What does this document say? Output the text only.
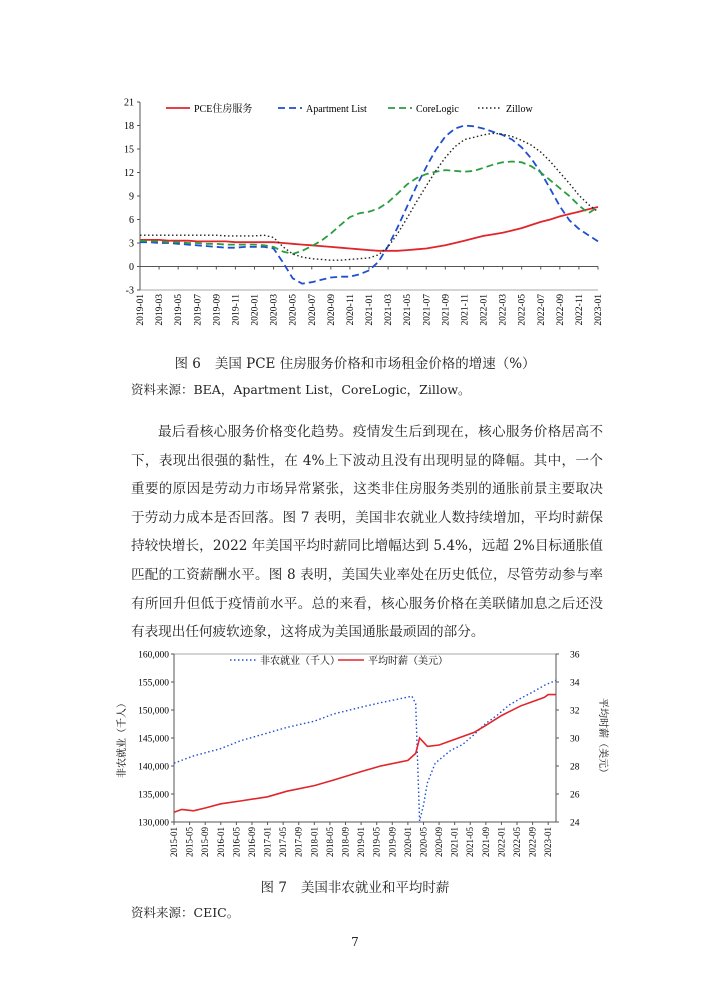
-3
0
3
6
9
12
15
18
21
2019-01 2019-03 2019-05 2019-07 2019-09 2019-11 2020-01 2020-03 2020-05 2020-07 2020-09 2020-11 2021-01 2021-03 2021-05 2021-07 2021-09 2021-11 2022-01 2022-03 2022-05 2022-07 2022-09 2022-11 2023-01
PCE住房服务	Apartment List	CoreLogic	Zillow
图 6 美国 PCE 住房服务价格和市场租金价格的增速（%）
资料来源：BEA，Apartment List，CoreLogic，Zillow。

最后看核心服务价格变化趋势。疫情发生后到现在，核心服务价格居高不下，表现出很强的黏性，在 4%上下波动且没有出现明显的降幅。其中，一个重要的原因是劳动力市场异常紧张，这类非住房服务类别的通胀前景主要取决于劳动力成本是否回落。图 7 表明，美国非农就业人数持续增加，平均时薪保持较快增长，2022 年美国平均时薪同比增幅达到 5.4%，远超 2%目标通胀值匹配的工资薪酬水平。图 8 表明，美国失业率处在历史低位，尽管劳动参与率有所回升但低于疫情前水平。总的来看，核心服务价格在美联储加息之后还没有表现出任何疲软迹象，这将成为美国通胀最顽固的部分。

130,000
135,000
140,000
145,000
150,000
155,000
160,000
24
26
28
30
32
34
36
2015-01 2015-05 2015-09 2016-01 2016-05 2016-09 2017-01 2017-05 2017-09 2018-01 2018-05 2018-09 2019-01 2019-05 2019-09 2020-01 2020-05 2020-09 2021-01 2021-05 2021-09 2022-01 2022-05 2022-09 2023-01
非农就业（千人）	平均时薪（美元）
非农就业（千人）	平均时薪（美元）
图 7 美国非农就业和平均时薪
资料来源：CEIC。
7
